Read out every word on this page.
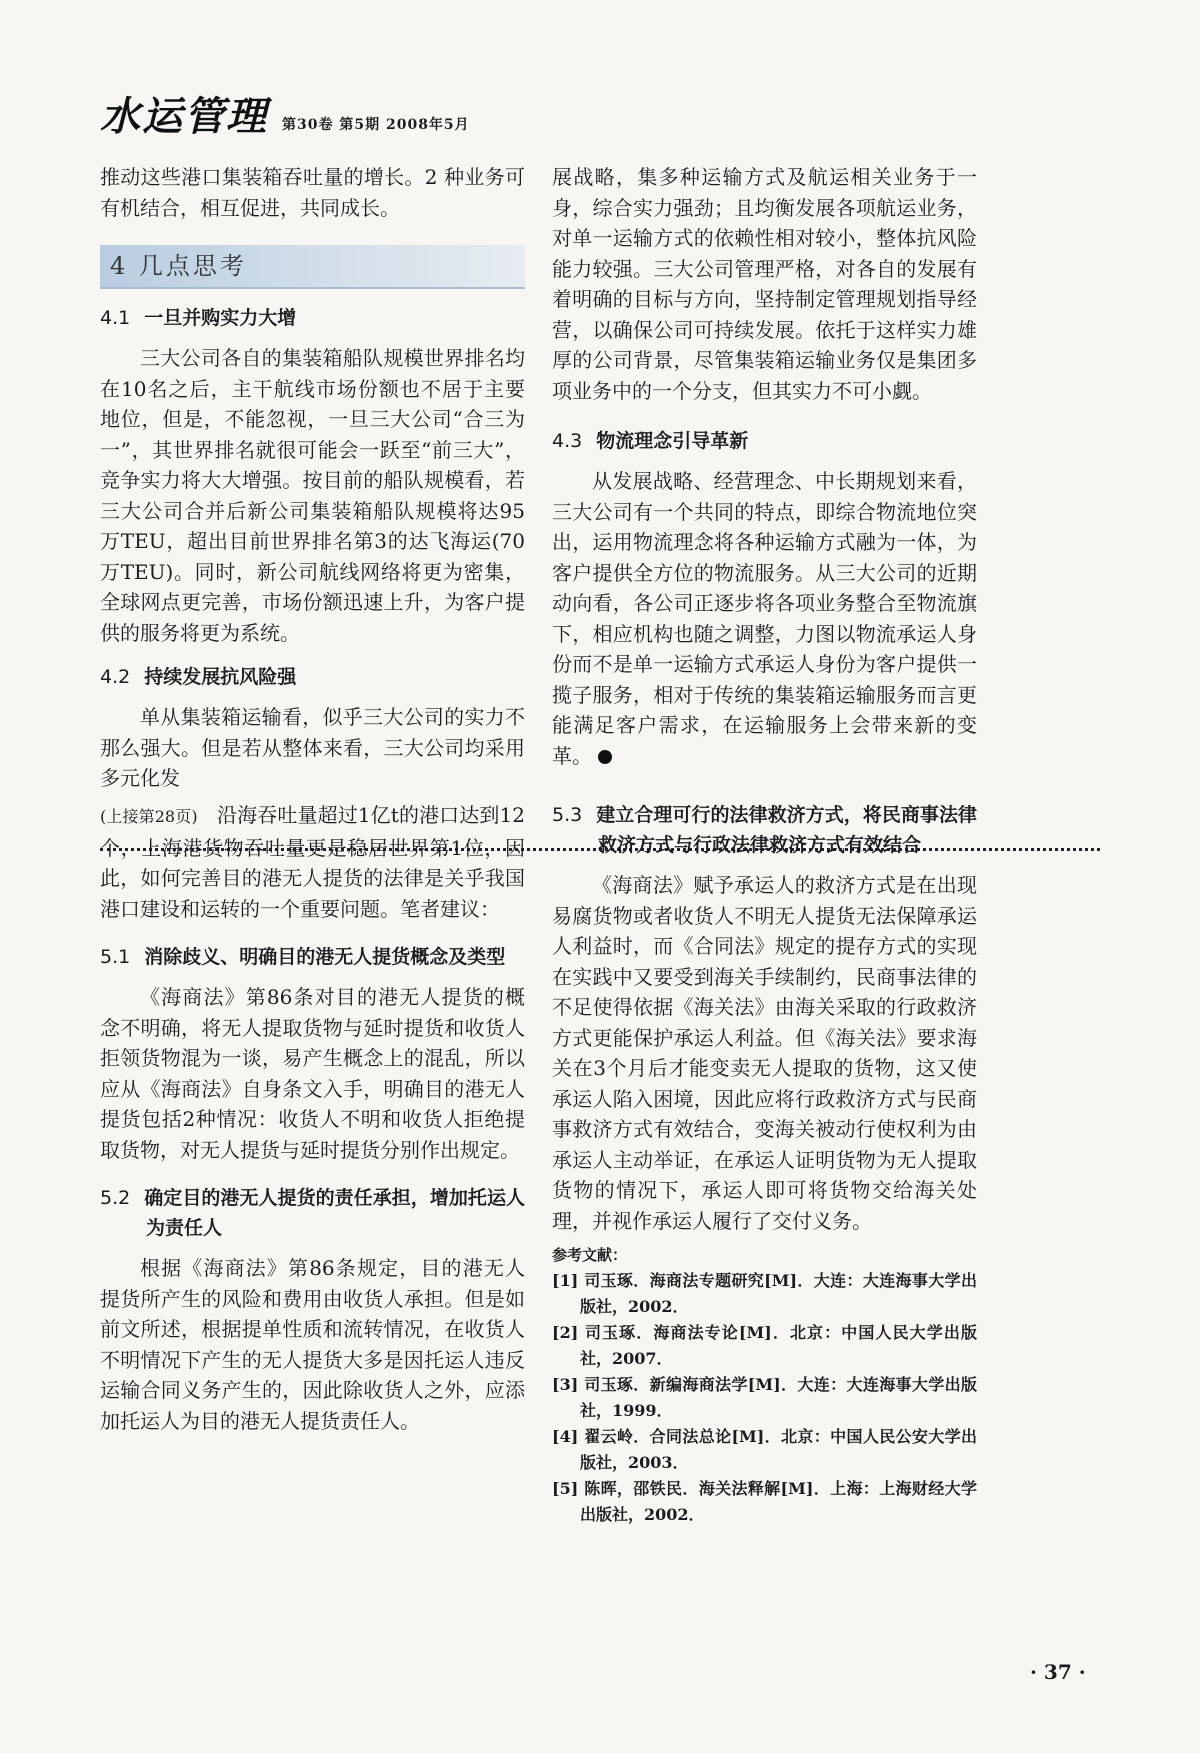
水运管理 第30卷 第5期 2008年5月

推动这些港口集装箱吞吐量的增长。2 种业务可有机结合，相互促进，共同成长。

4 几点思考
4.1 一旦并购实力大增

三大公司各自的集装箱船队规模世界排名均在10名之后，主干航线市场份额也不居于主要地位，但是，不能忽视，一旦三大公司“合三为一”，其世界排名就很可能会一跃至“前三大”，竞争实力将大大增强。按目前的船队规模看，若三大公司合并后新公司集装箱船队规模将达95万TEU，超出目前世界排名第3的达飞海运(70万TEU)。同时，新公司航线网络将更为密集，全球网点更完善，市场份额迅速上升，为客户提供的服务将更为系统。

4.2 持续发展抗风险强

单从集装箱运输看，似乎三大公司的实力不那么强大。但是若从整体来看，三大公司均采用多元化发

展战略，集多种运输方式及航运相关业务于一身，综合实力强劲；且均衡发展各项航运业务，对单一运输方式的依赖性相对较小，整体抗风险能力较强。三大公司管理严格，对各自的发展有着明确的目标与方向，坚持制定管理规划指导经营，以确保公司可持续发展。依托于这样实力雄厚的公司背景，尽管集装箱运输业务仅是集团多项业务中的一个分支，但其实力不可小觑。

4.3 物流理念引导革新

从发展战略、经营理念、中长期规划来看，三大公司有一个共同的特点，即综合物流地位突出，运用物流理念将各种运输方式融为一体，为客户提供全方位的物流服务。从三大公司的近期动向看，各公司正逐步将各项业务整合至物流旗下，相应机构也随之调整，力图以物流承运人身份而不是单一运输方式承运人身份为客户提供一揽子服务，相对于传统的集装箱运输服务而言更能满足客户需求，在运输服务上会带来新的变革。

(上接第28页) 沿海吞吐量超过1亿t的港口达到12个，上海港货物吞吐量更是稳居世界第1位，因此，如何完善目的港无人提货的法律是关乎我国港口建设和运转的一个重要问题。笔者建议：

5.1 消除歧义、明确目的港无人提货概念及类型

《海商法》第86条对目的港无人提货的概念不明确，将无人提取货物与延时提货和收货人拒领货物混为一谈，易产生概念上的混乱，所以应从《海商法》自身条文入手，明确目的港无人提货包括2种情况：收货人不明和收货人拒绝提取货物，对无人提货与延时提货分别作出规定。

5.2 确定目的港无人提货的责任承担，增加托运人为责任人

根据《海商法》第86条规定，目的港无人提货所产生的风险和费用由收货人承担。但是如前文所述，根据提单性质和流转情况，在收货人不明情况下产生的无人提货大多是因托运人违反运输合同义务产生的，因此除收货人之外，应添加托运人为目的港无人提货责任人。

5.3 建立合理可行的法律救济方式，将民商事法律救济方式与行政法律救济方式有效结合

《海商法》赋予承运人的救济方式是在出现易腐货物或者收货人不明无人提货无法保障承运人利益时，而《合同法》规定的提存方式的实现在实践中又要受到海关手续制约，民商事法律的不足使得依据《海关法》由海关采取的行政救济方式更能保护承运人利益。但《海关法》要求海关在3个月后才能变卖无人提取的货物，这又使承运人陷入困境，因此应将行政救济方式与民商事救济方式有效结合，变海关被动行使权利为由承运人主动举证，在承运人证明货物为无人提取货物的情况下，承运人即可将货物交给海关处理，并视作承运人履行了交付义务。

参考文献：
[1] 司玉琢．海商法专题研究[M]．大连：大连海事大学出版社，2002．
[2] 司玉琢．海商法专论[M]．北京：中国人民大学出版社，2007．
[3] 司玉琢．新编海商法学[M]．大连：大连海事大学出版社，1999．
[4] 翟云岭．合同法总论[M]．北京：中国人民公安大学出版社，2003．
[5] 陈晖，邵铁民．海关法释解[M]．上海：上海财经大学出版社，2002．
· 37 ·
